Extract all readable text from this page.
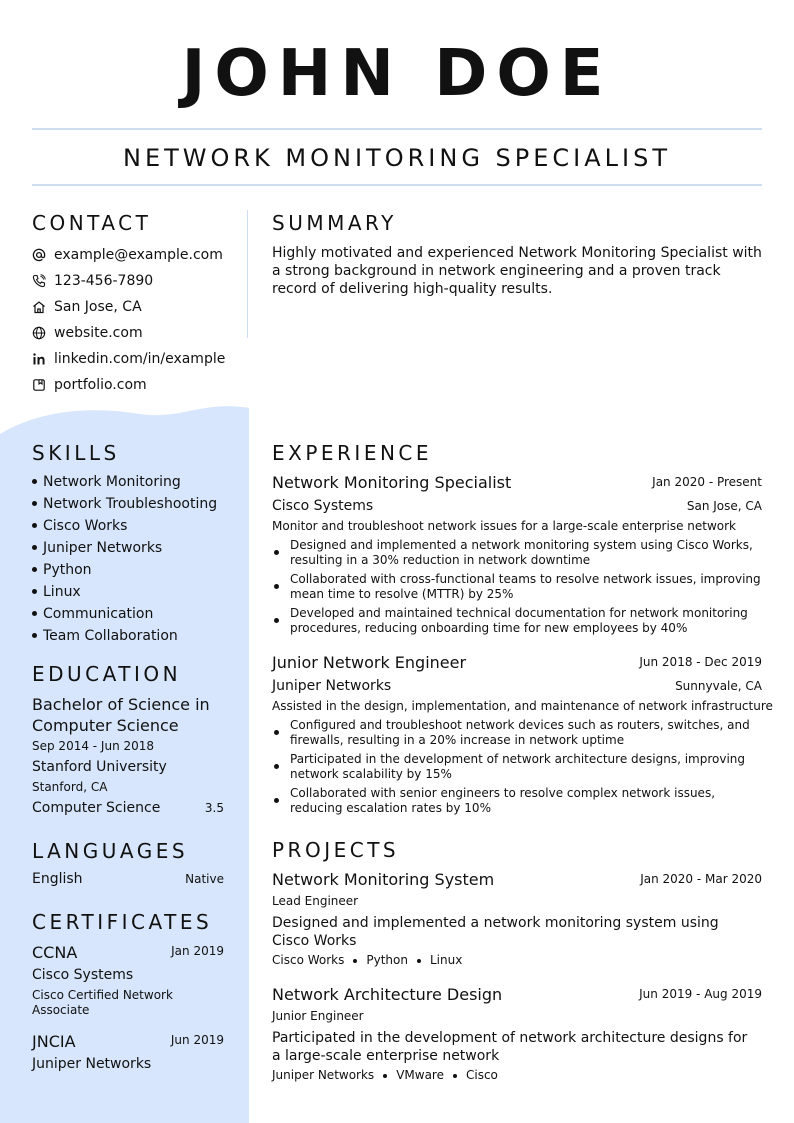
JOHN DOE
NETWORK MONITORING SPECIALIST
CONTACT
example@example.com
123-456-7890
San Jose, CA
website.com
linkedin.com/in/example
portfolio.com
SKILLS
Network Monitoring
Network Troubleshooting
Cisco Works
Juniper Networks
Python
Linux
Communication
Team Collaboration
EDUCATION
Bachelor of Science in
Computer Science
Sep 2014 - Jun 2018
Stanford University
Stanford, CA
Computer Science	3.5
LANGUAGES
English	Native
CERTIFICATES
CCNA	Jan 2019
Cisco Systems
Cisco Certified Network
Associate
JNCIA	Jun 2019
Juniper Networks
SUMMARY
Highly motivated and experienced Network Monitoring Specialist with a strong background in network engineering and a proven track record of delivering high-quality results.
EXPERIENCE
Network Monitoring Specialist	Jan 2020 - Present
Cisco Systems	San Jose, CA
Monitor and troubleshoot network issues for a large-scale enterprise network
Designed and implemented a network monitoring system using Cisco Works, resulting in a 30% reduction in network downtime
Collaborated with cross-functional teams to resolve network issues, improving mean time to resolve (MTTR) by 25%
Developed and maintained technical documentation for network monitoring procedures, reducing onboarding time for new employees by 40%
Junior Network Engineer	Jun 2018 - Dec 2019
Juniper Networks	Sunnyvale, CA
Assisted in the design, implementation, and maintenance of network infrastructure
Configured and troubleshoot network devices such as routers, switches, and firewalls, resulting in a 20% increase in network uptime
Participated in the development of network architecture designs, improving network scalability by 15%
Collaborated with senior engineers to resolve complex network issues, reducing escalation rates by 10%
PROJECTS
Network Monitoring System	Jan 2020 - Mar 2020
Lead Engineer
Designed and implemented a network monitoring system using Cisco Works
Cisco Works Python Linux
Network Architecture Design	Jun 2019 - Aug 2019
Junior Engineer
Participated in the development of network architecture designs for a large-scale enterprise network
Juniper Networks VMware Cisco
